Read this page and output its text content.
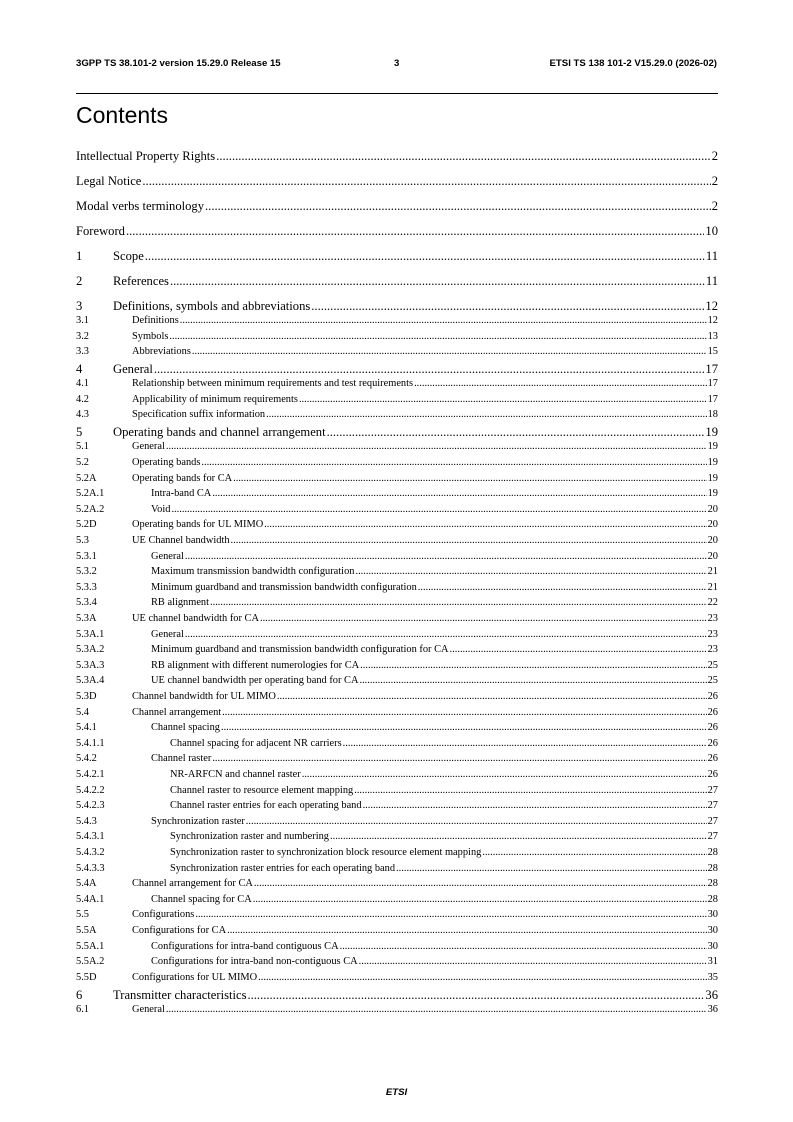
3GPP TS 38.101-2 version 15.29.0 Release 15	3	ETSI TS 138 101-2 V15.29.0 (2026-02)
Contents
Intellectual Property Rights .....	2
Legal Notice .....	2
Modal verbs terminology .....	2
Foreword .....	10
1	Scope .....	11
2	References .....	11
3	Definitions, symbols and abbreviations .....	12
3.1	Definitions .....	12
3.2	Symbols .....	13
3.3	Abbreviations .....	15
4	General .....	17
4.1	Relationship between minimum requirements and test requirements .....	17
4.2	Applicability of minimum requirements .....	17
4.3	Specification suffix information .....	18
5	Operating bands and channel arrangement .....	19
5.1	General .....	19
5.2	Operating bands .....	19
5.2A	Operating bands for CA .....	19
5.2A.1	Intra-band CA .....	19
5.2A.2	Void .....	20
5.2D	Operating bands for UL MIMO .....	20
5.3	UE Channel bandwidth .....	20
5.3.1	General .....	20
5.3.2	Maximum transmission bandwidth configuration .....	21
5.3.3	Minimum guardband and transmission bandwidth configuration .....	21
5.3.4	RB alignment .....	22
5.3A	UE channel bandwidth for CA .....	23
5.3A.1	General .....	23
5.3A.2	Minimum guardband and transmission bandwidth configuration for CA .....	23
5.3A.3	RB alignment with different numerologies for CA .....	25
5.3A.4	UE channel bandwidth per operating band for CA .....	25
5.3D	Channel bandwidth for UL MIMO .....	26
5.4	Channel arrangement .....	26
5.4.1	Channel spacing .....	26
5.4.1.1	Channel spacing for adjacent NR carriers .....	26
5.4.2	Channel raster .....	26
5.4.2.1	NR-ARFCN and channel raster .....	26
5.4.2.2	Channel raster to resource element mapping .....	27
5.4.2.3	Channel raster entries for each operating band .....	27
5.4.3	Synchronization raster .....	27
5.4.3.1	Synchronization raster and numbering .....	27
5.4.3.2	Synchronization raster to synchronization block resource element mapping .....	28
5.4.3.3	Synchronization raster entries for each operating band .....	28
5.4A	Channel arrangement for CA .....	28
5.4A.1	Channel spacing for CA .....	28
5.5	Configurations .....	30
5.5A	Configurations for CA .....	30
5.5A.1	Configurations for intra-band contiguous CA .....	30
5.5A.2	Configurations for intra-band non-contiguous CA .....	31
5.5D	Configurations for UL MIMO .....	35
6	Transmitter characteristics .....	36
6.1	General .....	36
ETSI
